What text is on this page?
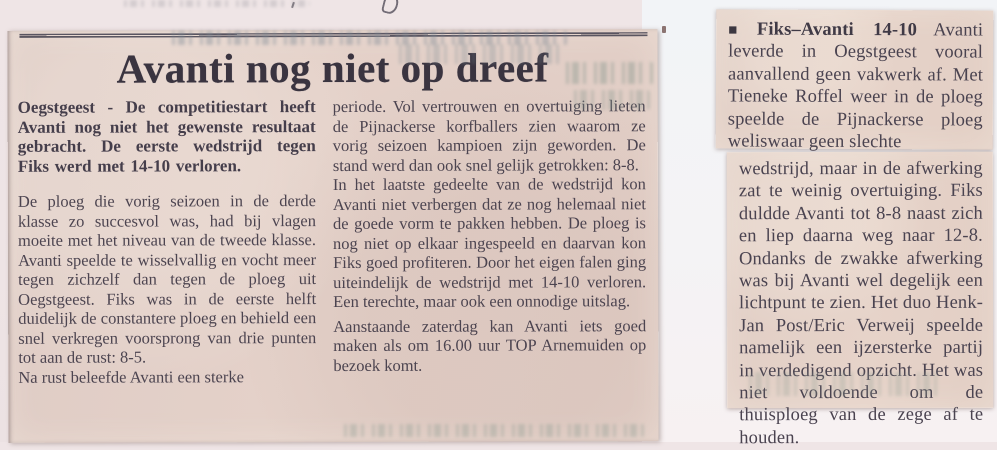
Avanti nog niet op dreef

Oegstgeest - De competitiestart heeft Avanti nog niet het gewenste resultaat gebracht. De eerste wedstrijd tegen Fiks werd met 14-10 verloren.

De ploeg die vorig seizoen in de derde klasse zo succesvol was, had bij vlagen moeite met het niveau van de tweede klasse. Avanti speelde te wisselvallig en vocht meer tegen zichzelf dan tegen de ploeg uit Oegstgeest. Fiks was in de eerste helft duidelijk de constantere ploeg en behield een snel verkregen voorsprong van drie punten tot aan de rust: 8-5.

Na rust beleefde Avanti een sterke

periode. Vol vertrouwen en overtuiging lieten de Pijnackerse korfballers zien waarom ze vorig seizoen kampioen zijn geworden. De stand werd dan ook snel gelijk getrokken: 8-8.

In het laatste gedeelte van de wedstrijd kon Avanti niet verbergen dat ze nog helemaal niet de goede vorm te pakken hebben. De ploeg is nog niet op elkaar ingespeeld en daarvan kon Fiks goed profiteren. Door het eigen falen ging uiteindelijk de wedstrijd met 14-10 verloren. Een terechte, maar ook een onnodige uitslag.

Aanstaande zaterdag kan Avanti iets goed maken als om 16.00 uur TOP Arnemuiden op bezoek komt.

■ Fiks–Avanti 14-10 Avanti leverde in Oegstgeest vooral aanvallend geen vakwerk af. Met Tieneke Roffel weer in de ploeg speelde de Pijnackerse ploeg weliswaar geen slechte

wedstrijd, maar in de afwerking zat te weinig overtuiging. Fiks duldde Avanti tot 8-8 naast zich en liep daarna weg naar 12-8. Ondanks de zwakke afwerking was bij Avanti wel degelijk een lichtpunt te zien. Het duo Henk-Jan Post/Eric Verweij speelde namelijk een ijzersterke partij in verdedigend opzicht. Het was niet voldoende om de thuisploeg van de zege af te houden.
